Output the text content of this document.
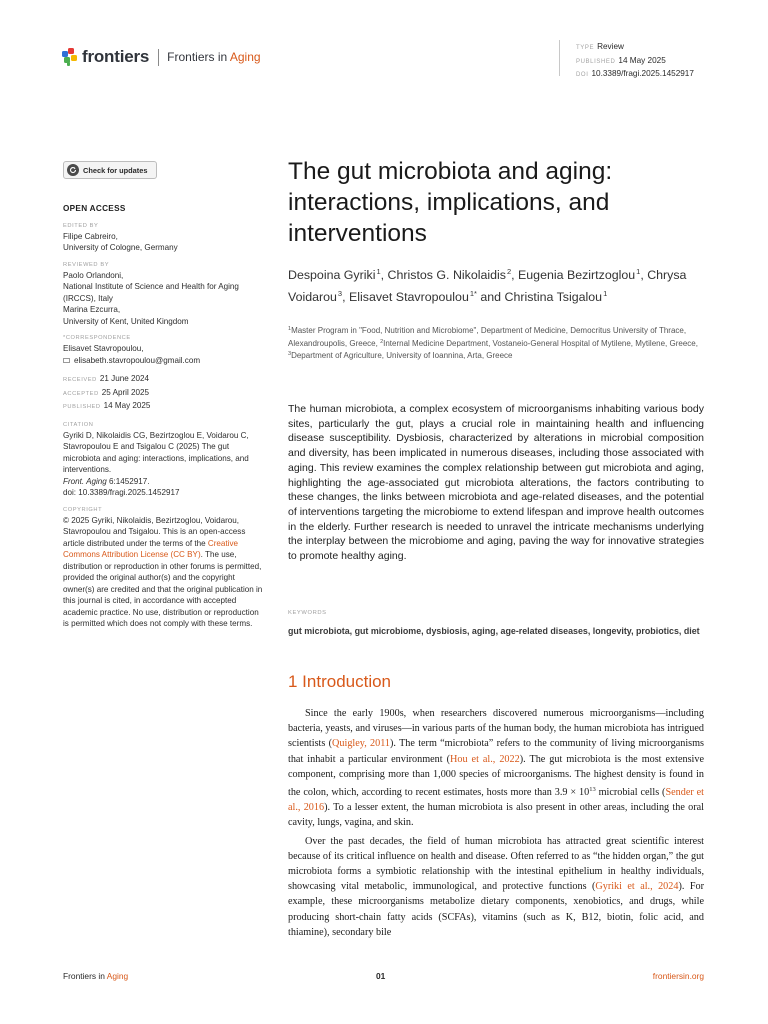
frontiers Frontiers in Aging
TYPE Review
PUBLISHED 14 May 2025
DOI 10.3389/fragi.2025.1452917
Check for updates
OPEN ACCESS
EDITED BY
Filipe Cabreiro,
University of Cologne, Germany
REVIEWED BY
Paolo Orlandoni,
National Institute of Science and Health for Aging (IRCCS), Italy
Marina Ezcurra,
University of Kent, United Kingdom
*CORRESPONDENCE
Elisavet Stavropoulou,
elisabeth.stavropoulou@gmail.com
RECEIVED 21 June 2024
ACCEPTED 25 April 2025
PUBLISHED 14 May 2025
CITATION
Gyriki D, Nikolaidis CG, Bezirtzoglou E, Voidarou C, Stavropoulou E and Tsigalou C (2025) The gut microbiota and aging: interactions, implications, and interventions.
Front. Aging 6:1452917.
doi: 10.3389/fragi.2025.1452917
COPYRIGHT
© 2025 Gyriki, Nikolaidis, Bezirtzoglou, Voidarou, Stavropoulou and Tsigalou. This is an open-access article distributed under the terms of the Creative Commons Attribution License (CC BY). The use, distribution or reproduction in other forums is permitted, provided the original author(s) and the copyright owner(s) are credited and that the original publication in this journal is cited, in accordance with accepted academic practice. No use, distribution or reproduction is permitted which does not comply with these terms.
The gut microbiota and aging: interactions, implications, and interventions
Despoina Gyriki$^1$, Christos G. Nikolaidis$^2$, Eugenia Bezirtzoglou$^1$, Chrysa Voidarou$^3$, Elisavet Stavropoulou$^{1*}$ and Christina Tsigalou$^1$
$^1$Master Program in "Food, Nutrition and Microbiome", Department of Medicine, Democritus University of Thrace, Alexandroupolis, Greece, $^2$Internal Medicine Department, Vostaneio-General Hospital of Mytilene, Mytilene, Greece, $^3$Department of Agriculture, University of Ioannina, Arta, Greece
The human microbiota, a complex ecosystem of microorganisms inhabiting various body sites, particularly the gut, plays a crucial role in maintaining health and influencing disease susceptibility. Dysbiosis, characterized by alterations in microbial composition and diversity, has been implicated in numerous diseases, including those associated with aging. This review examines the complex relationship between gut microbiota and aging, highlighting the age-associated gut microbiota alterations, the factors contributing to these changes, the links between microbiota and age-related diseases, and the potential of interventions targeting the microbiome to extend lifespan and improve health outcomes in the elderly. Further research is needed to unravel the intricate mechanisms underlying the interplay between the microbiome and aging, paving the way for innovative strategies to promote healthy aging.
KEYWORDS
gut microbiota, gut microbiome, dysbiosis, aging, age-related diseases, longevity, probiotics, diet
1 Introduction

Since the early 1900s, when researchers discovered numerous microorganisms—including bacteria, yeasts, and viruses—in various parts of the human body, the human microbiota has intrigued scientists (Quigley, 2011). The term “microbiota” refers to the community of living microorganisms that inhabit a particular environment (Hou et al., 2022). The gut microbiota is the most extensive component, comprising more than 1,000 species of microorganisms. The highest density is found in the colon, which, according to recent estimates, hosts more than $3.9 \times 10^{13}$ microbial cells (Sender et al., 2016). To a lesser extent, the human microbiota is also present in other areas, including the oral cavity, lungs, vagina, and skin.

Over the past decades, the field of human microbiota has attracted great scientific interest because of its critical influence on health and disease. Often referred to as “the hidden organ,” the gut microbiota forms a symbiotic relationship with the intestinal epithelium in healthy individuals, showcasing vital metabolic, immunological, and protective functions (Gyriki et al., 2024). For example, these microorganisms metabolize dietary components, xenobiotics, and drugs, while producing short-chain fatty acids (SCFAs), vitamins (such as K, B12, biotin, folic acid, and thiamine), secondary bile

Frontiers in Aging	01	frontiersin.org
